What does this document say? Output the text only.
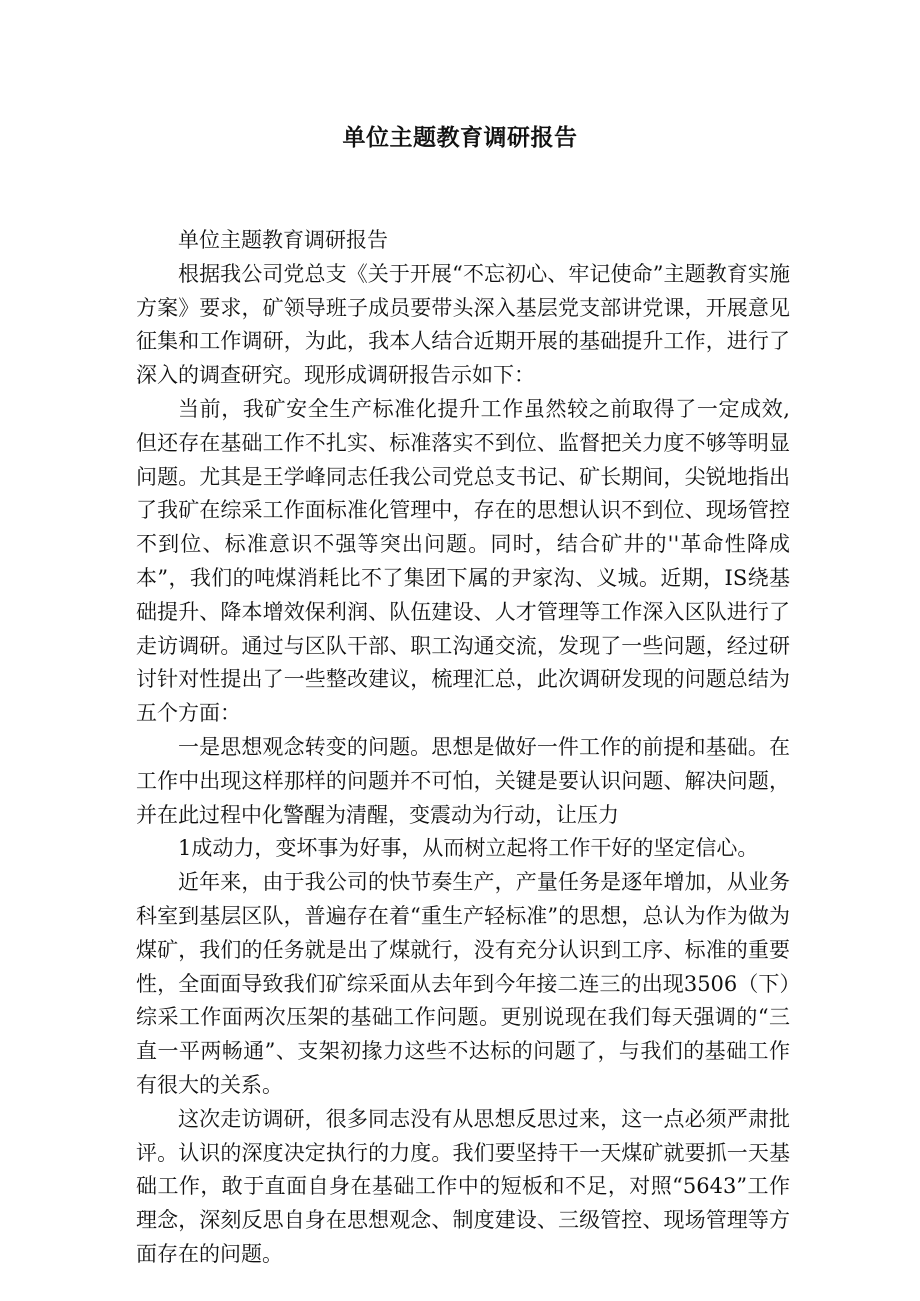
单位主题教育调研报告

单位主题教育调研报告

根据我公司党总支《关于开展“不忘初心、牢记使命”主题教育实施方案》要求，矿领导班子成员要带头深入基层党支部讲党课，开展意见征集和工作调研，为此，我本人结合近期开展的基础提升工作，进行了深入的调查研究。现形成调研报告示如下：

当前，我矿安全生产标准化提升工作虽然较之前取得了一定成效,但还存在基础工作不扎实、标准落实不到位、监督把关力度不够等明显问题。尤其是王学峰同志任我公司党总支书记、矿长期间，尖锐地指出了我矿在综采工作面标准化管理中，存在的思想认识不到位、现场管控不到位、标准意识不强等突出问题。同时，结合矿井的''革命性降成本”，我们的吨煤消耗比不了集团下属的尹家沟、义城。近期，IS绕基础提升、降本增效保利润、队伍建设、人才管理等工作深入区队进行了走访调研。通过与区队干部、职工沟通交流，发现了一些问题，经过研讨针对性提出了一些整改建议，梳理汇总，此次调研发现的问题总结为五个方面：

一是思想观念转变的问题。思想是做好一件工作的前提和基础。在工作中出现这样那样的问题并不可怕，关键是要认识问题、解决问题，并在此过程中化警醒为清醒，变震动为行动，让压力

1成动力，变坏事为好事，从而树立起将工作干好的坚定信心。

近年来，由于我公司的快节奏生产，产量任务是逐年增加，从业务科室到基层区队，普遍存在着“重生产轻标准”的思想，总认为作为做为煤矿，我们的任务就是出了煤就行，没有充分认识到工序、标准的重要性，全面面导致我们矿综采面从去年到今年接二连三的出现3506（下）综采工作面两次压架的基础工作问题。更别说现在我们每天强调的“三直一平两畅通”、支架初掾力这些不达标的问题了，与我们的基础工作有很大的关系。

这次走访调研，很多同志没有从思想反思过来，这一点必须严肃批评。认识的深度决定执行的力度。我们要坚持干一天煤矿就要抓一天基础工作，敢于直面自身在基础工作中的短板和不足，对照“5643”工作理念，深刻反思自身在思想观念、制度建设、三级管控、现场管理等方面存在的问题。
